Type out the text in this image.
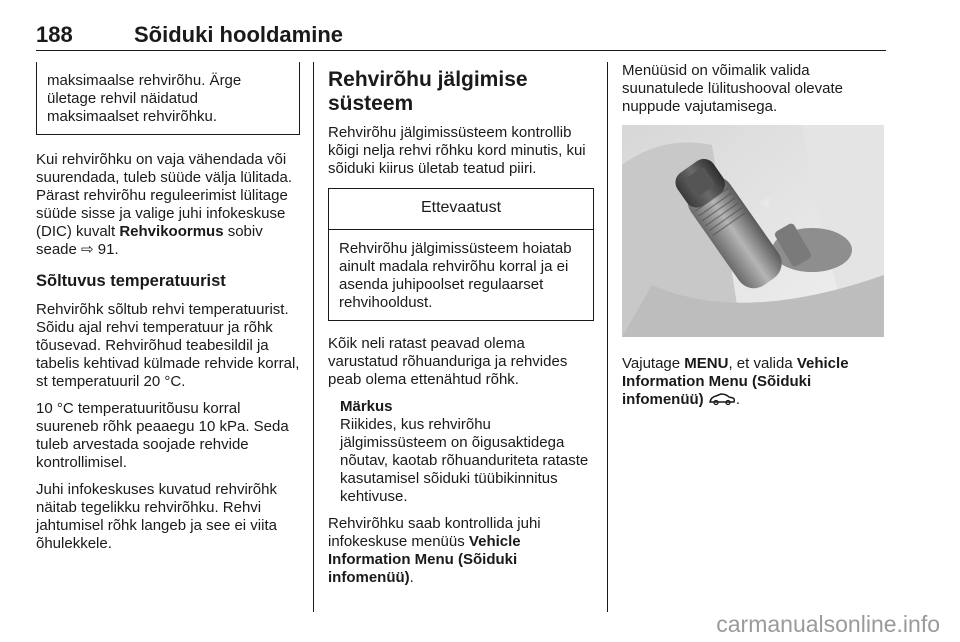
188	Sõiduki hooldamine
maksimaalse rehvirõhu. Ärge ületage rehvil näidatud maksimaalset rehvirõhku.

Kui rehvirõhku on vaja vähendada või suurendada, tuleb süüde välja lülitada. Pärast rehvirõhu reguleerimist lülitage süüde sisse ja valige juhi infokeskuse (DIC) kuvalt Rehvikoormus sobiv seade ⇨ 91.

Sõltuvus temperatuurist

Rehvirõhk sõltub rehvi temperatuurist. Sõidu ajal rehvi temperatuur ja rõhk tõusevad. Rehvirõhud teabesildil ja tabelis kehtivad külmade rehvide korral, st temperatuuril 20 °C.

10 °C temperatuuritõusu korral suureneb rõhk peaaegu 10 kPa. Seda tuleb arvestada soojade rehvide kontrollimisel.

Juhi infokeskuses kuvatud rehvirõhk näitab tegelikku rehvirõhku. Rehvi jahtumisel rõhk langeb ja see ei viita õhulekkele.

Rehvirõhu jälgimise süsteem

Rehvirõhu jälgimissüsteem kontrollib kõigi nelja rehvi rõhku kord minutis, kui sõiduki kiirus ületab teatud piiri.

Ettevaatust
Rehvirõhu jälgimissüsteem hoiatab ainult madala rehvirõhu korral ja ei asenda juhipoolset regulaarset rehvihooldust.

Kõik neli ratast peavad olema varustatud rõhuanduriga ja rehvides peab olema ettenähtud rõhk.

Märkus
Riikides, kus rehvirõhu jälgimissüsteem on õigusaktidega nõutav, kaotab rõhuanduriteta rataste kasutamisel sõiduki tüübikinnitus kehtivuse.

Rehvirõhku saab kontrollida juhi infokeskuse menüüs Vehicle Information Menu (Sõiduki infomenüü).

Menüüsid on võimalik valida suunatulede lülitushooval olevate nuppude vajutamisega.

Vajutage MENU, et valida Vehicle Information Menu (Sõiduki infomenüü) .

carmanualsonline.info
